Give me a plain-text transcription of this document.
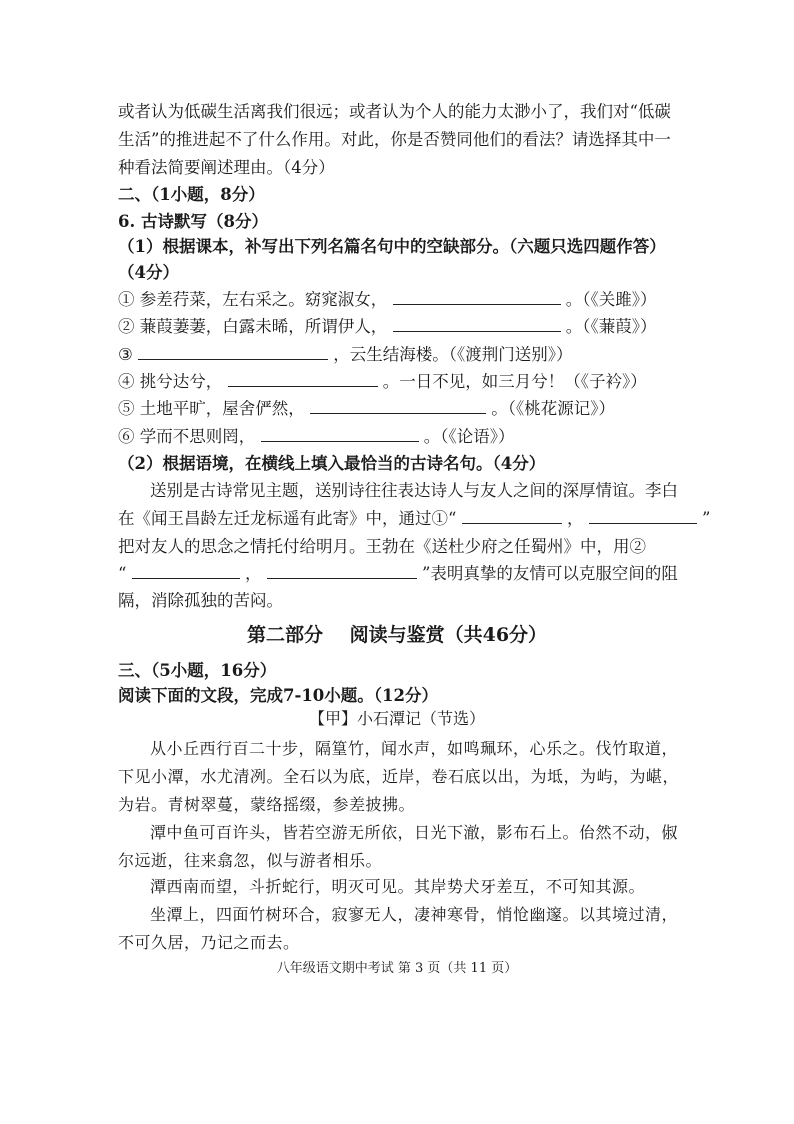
或者认为低碳生活离我们很远；或者认为个人的能力太渺小了，我们对“低碳
生活”的推进起不了什么作用。对此，你是否赞同他们的看法？请选择其中一
种看法简要阐述理由。（4分）
二、（1小题，8分）
6. 古诗默写（8分）
（1）根据课本，补写出下列名篇名句中的空缺部分。（六题只选四题作答）
（4分）
① 参差荇菜，左右采之。窈窕淑女，	。（《关雎》）
② 蒹葭萋萋，白露未晞，所谓伊人，	。（《蒹葭》）
③	，云生结海楼。（《渡荆门送别》）
④ 挑兮达兮，	。一日不见，如三月兮！（《子衿》）
⑤ 土地平旷，屋舍俨然，	。（《桃花源记》）
⑥ 学而不思则罔，	。（《论语》）
（2）根据语境，在横线上填入最恰当的古诗名句。（4分）
送别是古诗常见主题，送别诗往往表达诗人与友人之间的深厚情谊。李白
在《闻王昌龄左迁龙标遥有此寄》中，通过①“	，	”
把对友人的思念之情托付给明月。王勃在《送杜少府之任蜀州》中，用②
“	，	”表明真挚的友情可以克服空间的阻
隔，消除孤独的苦闷。
第二部分 阅读与鉴赏（共46分）
三、（5小题，16分）
阅读下面的文段，完成7-10小题。（12分）
【甲】小石潭记（节选）
从小丘西行百二十步，隔篁竹，闻水声，如鸣珮环，心乐之。伐竹取道，
下见小潭，水尤清冽。全石以为底，近岸，卷石底以出，为坻，为屿，为嵁，
为岩。青树翠蔓，蒙络摇缀，参差披拂。
潭中鱼可百许头，皆若空游无所依，日光下澈，影布石上。佁然不动，俶
尔远逝，往来翕忽，似与游者相乐。
潭西南而望，斗折蛇行，明灭可见。其岸势犬牙差互，不可知其源。
坐潭上，四面竹树环合，寂寥无人，凄神寒骨，悄怆幽邃。以其境过清，
不可久居，乃记之而去。
八年级语文期中考试 第 3 页（共 11 页）
